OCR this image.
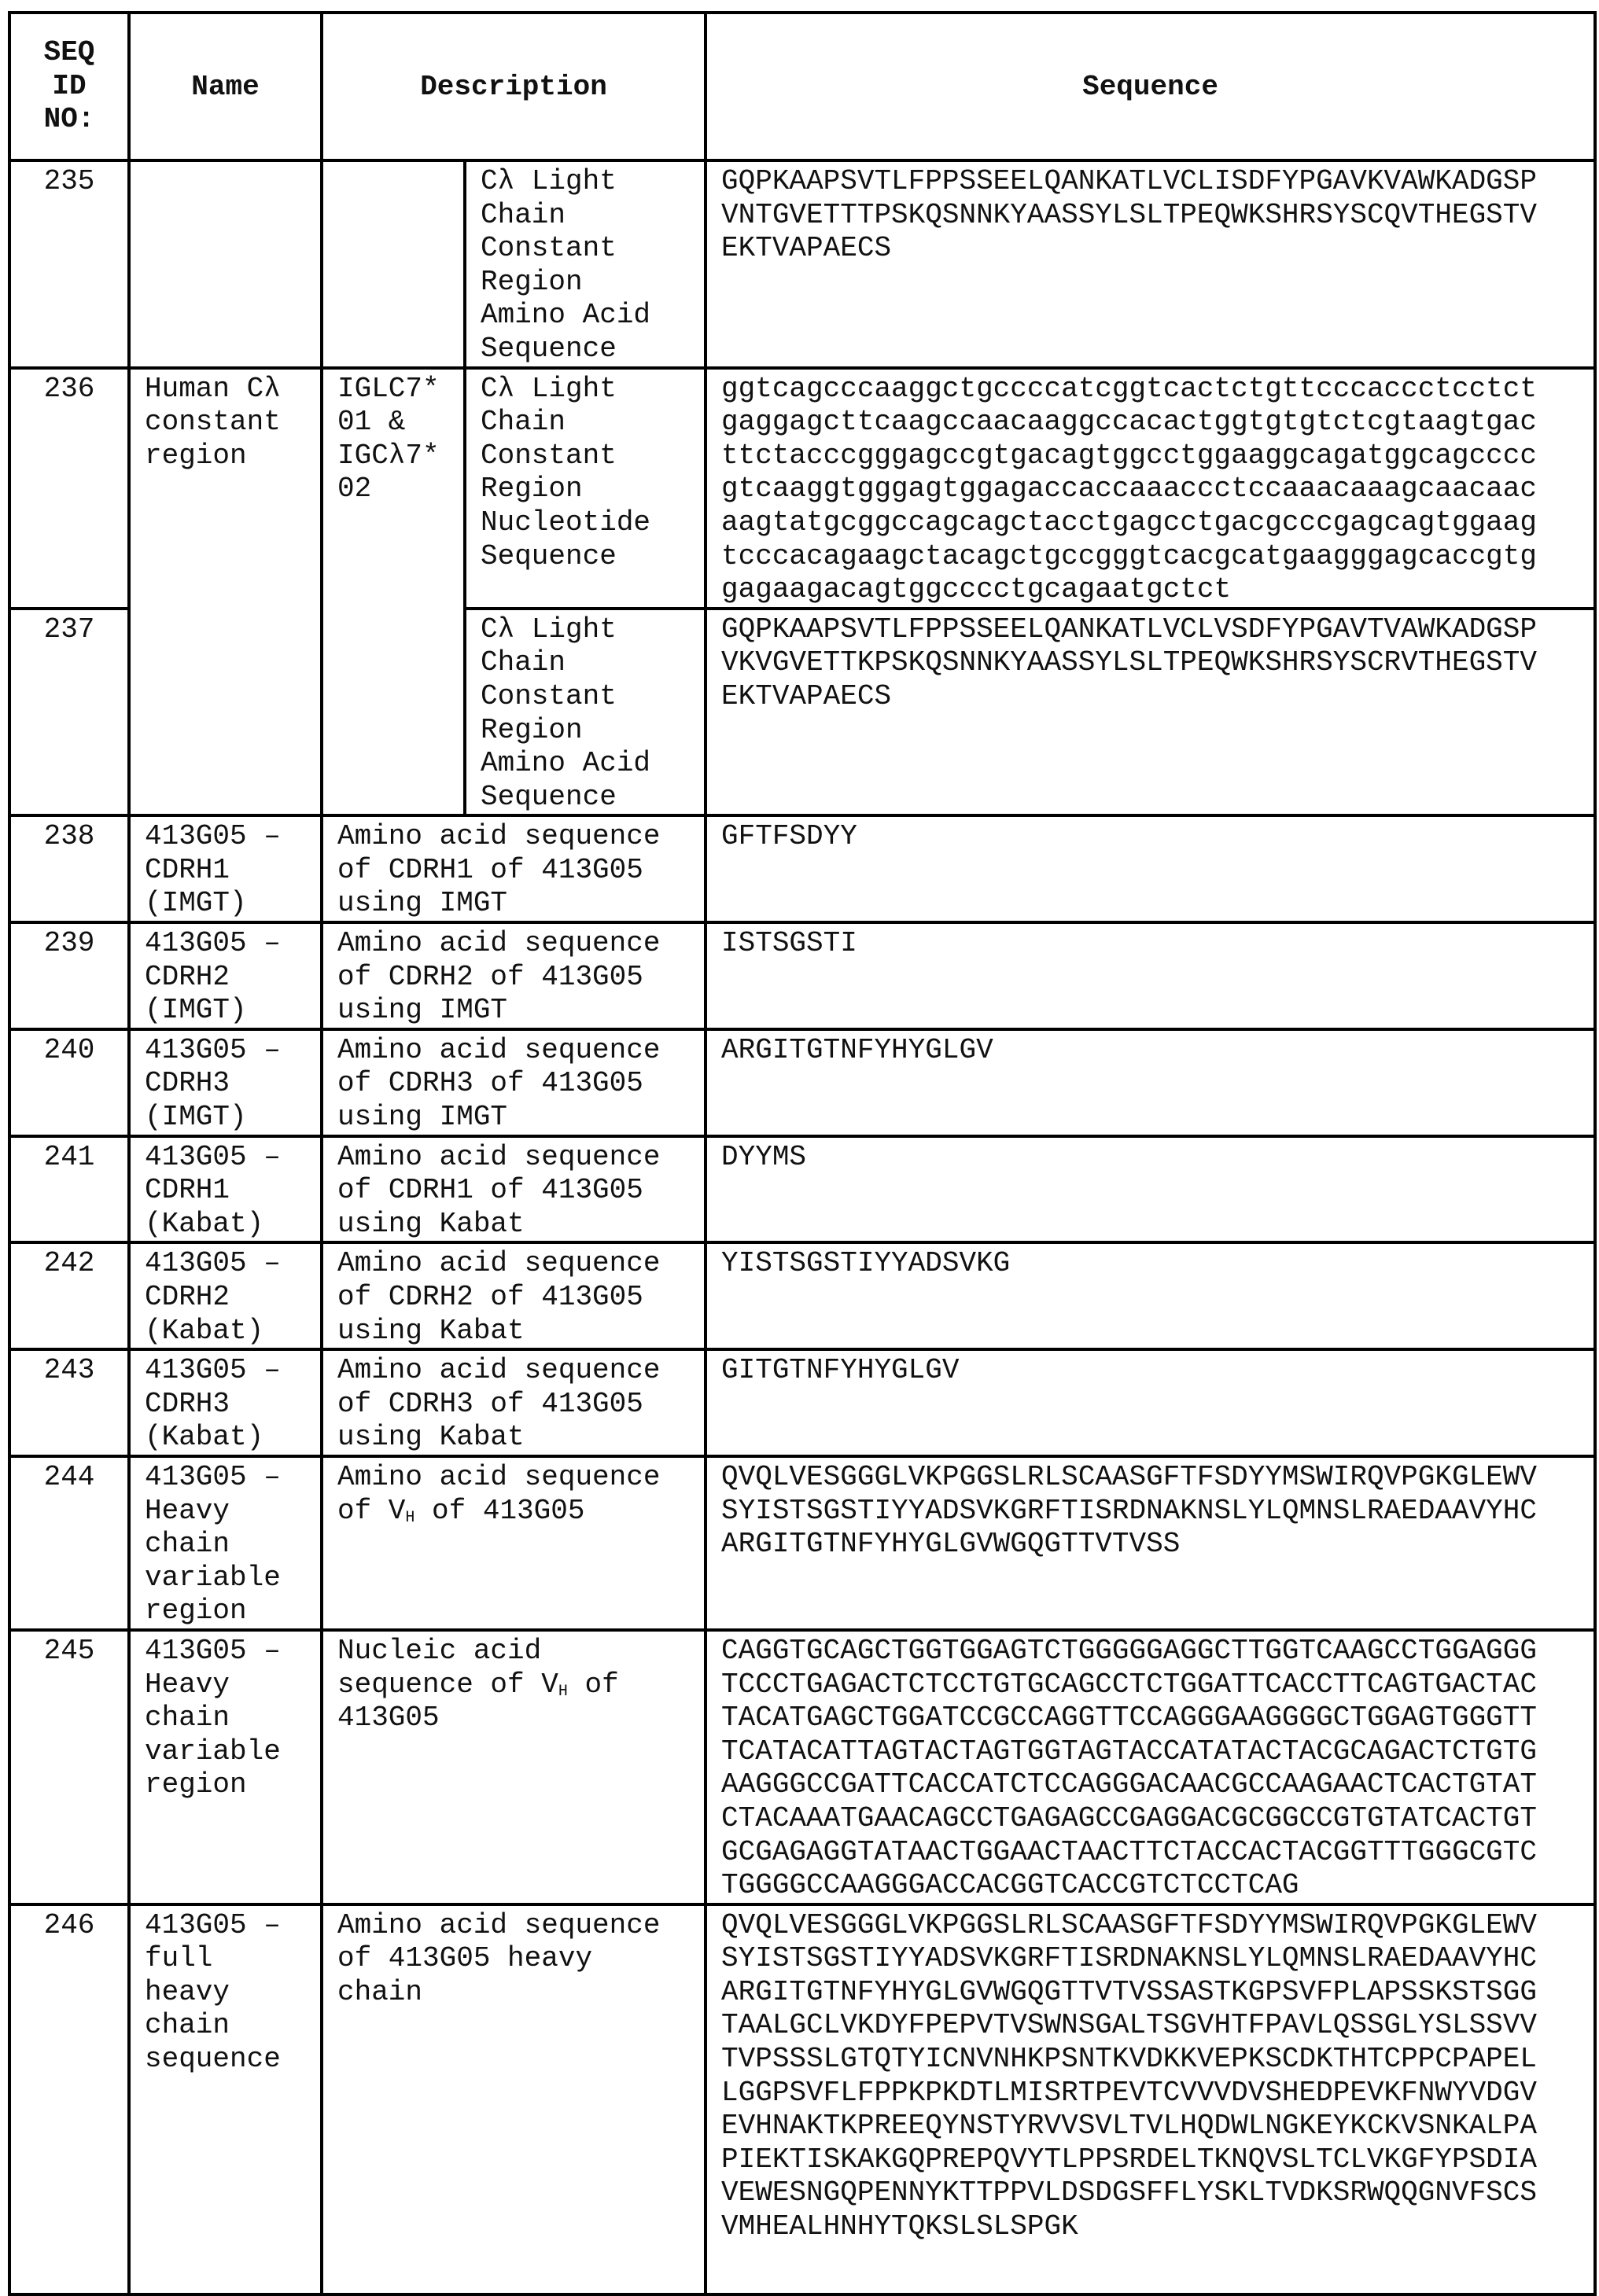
SEQ
ID
NO:
	Name	Description	Sequence

235			Cλ Light
Chain
Constant
Region
Amino Acid
Sequence

GQPKAAPSVTLFPPSSEELQANKATLVCLISDFYPGAVKVAWKADGSP
VNTGVETTTPSKQSNNKYAASSYLSLTPEQWKSHRSYSCQVTHEGSTV
EKTVAPAECS

236	Human Cλ
constant
region

IGLC7*
01 &
IGCλ7*
02

Cλ Light
Chain
Constant
Region
Nucleotide
Sequence

ggtcagcccaaggctgccccatcggtcactctgttcccaccctcctct
gaggagcttcaagccaacaaggccacactggtgtgtctcgtaagtgac
ttctacccgggagccgtgacagtggcctggaaggcagatggcagcccc
gtcaaggtgggagtggagaccaccaaaccctccaaacaaagcaacaac
aagtatgcggccagcagctacctgagcctgacgcccgagcagtggaag
tcccacagaagctacagctgccgggtcacgcatgaagggagcaccgtg
gagaagacagtggcccctgcagaatgctct

237	Cλ Light
Chain
Constant
Region
Amino Acid
Sequence

GQPKAAPSVTLFPPSSEELQANKATLVCLVSDFYPGAVTVAWKADGSP
VKVGVETTKPSKQSNNKYAASSYLSLTPEQWKSHRSYSCRVTHEGSTV
EKTVAPAECS

238	413G05 –
CDRH1
(IMGT)

Amino acid sequence
of CDRH1 of 413G05
using IMGT

GFTFSDYY

239	413G05 –
CDRH2
(IMGT)

Amino acid sequence
of CDRH2 of 413G05
using IMGT

ISTSGSTI

240	413G05 –
CDRH3
(IMGT)

Amino acid sequence
of CDRH3 of 413G05
using IMGT

ARGITGTNFYHYGLGV

241	413G05 –
CDRH1
(Kabat)

Amino acid sequence
of CDRH1 of 413G05
using Kabat

DYYMS

242	413G05 –
CDRH2
(Kabat)

Amino acid sequence
of CDRH2 of 413G05
using Kabat

YISTSGSTIYYADSVKG

243	413G05 –
CDRH3
(Kabat)

Amino acid sequence
of CDRH3 of 413G05
using Kabat

GITGTNFYHYGLGV

244	413G05 –
Heavy
chain
variable
region

Amino acid sequence
of VH of 413G05

QVQLVESGGGLVKPGGSLRLSCAASGFTFSDYYMSWIRQVPGKGLEWV
SYISTSGSTIYYADSVKGRFTISRDNAKNSLYLQMNSLRAEDAAVYHC
ARGITGTNFYHYGLGVWGQGTTVTVSS

245	413G05 –
Heavy
chain
variable
region

Nucleic acid
sequence of VH of
413G05

CAGGTGCAGCTGGTGGAGTCTGGGGGAGGCTTGGTCAAGCCTGGAGGG
TCCCTGAGACTCTCCTGTGCAGCCTCTGGATTCACCTTCAGTGACTAC
TACATGAGCTGGATCCGCCAGGTTCCAGGGAAGGGGCTGGAGTGGGTT
TCATACATTAGTACTAGTGGTAGTACCATATACTACGCAGACTCTGTG
AAGGGCCGATTCACCATCTCCAGGGACAACGCCAAGAACTCACTGTAT
CTACAAATGAACAGCCTGAGAGCCGAGGACGCGGCCGTGTATCACTGT
GCGAGAGGTATAACTGGAACTAACTTCTACCACTACGGTTTGGGCGTC
TGGGGCCAAGGGACCACGGTCACCGTCTCCTCAG

246	413G05 –
full
heavy
chain
sequence

Amino acid sequence
of 413G05 heavy
chain

QVQLVESGGGLVKPGGSLRLSCAASGFTFSDYYMSWIRQVPGKGLEWV
SYISTSGSTIYYADSVKGRFTISRDNAKNSLYLQMNSLRAEDAAVYHC
ARGITGTNFYHYGLGVWGQGTTVTVSSASTKGPSVFPLAPSSKSTSGG
TAALGCLVKDYFPEPVTVSWNSGALTSGVHTFPAVLQSSGLYSLSSVV
TVPSSSLGTQTYICNVNHKPSNTKVDKKVEPKSCDKTHTCPPCPAPEL
LGGPSVFLFPPKPKDTLMISRTPEVTCVVVDVSHEDPEVKFNWYVDGV
EVHNAKTKPREEQYNSTYRVVSVLTVLHQDWLNGKEYKCKVSNKALPA
PIEKTISKAKGQPREPQVYTLPPSRDELTKNQVSLTCLVKGFYPSDIA
VEWESNGQPENNYKTTPPVLDSDGSFFLYSKLTVDKSRWQQGNVFSCS
VMHEALHNHYTQKSLSLSPGK
